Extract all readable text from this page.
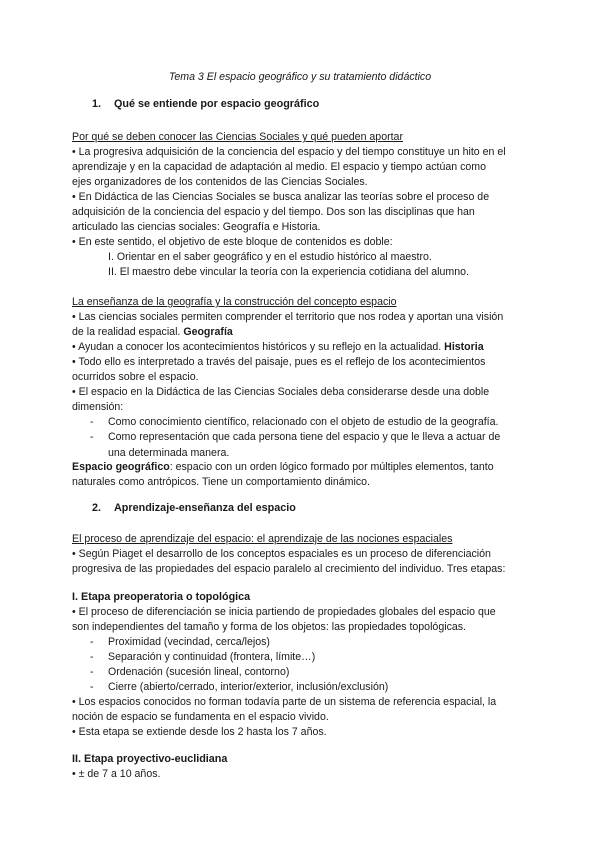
Tema 3 El espacio geográfico y su tratamiento didáctico
1. Qué se entiende por espacio geográfico
Por qué se deben conocer las Ciencias Sociales y qué pueden aportar
• La progresiva adquisición de la conciencia del espacio y del tiempo constituye un hito en el
aprendizaje y en la capacidad de adaptación al medio. El espacio y tiempo actúan como
ejes organizadores de los contenidos de las Ciencias Sociales.
• En Didáctica de las Ciencias Sociales se busca analizar las teorías sobre el proceso de
adquisición de la conciencia del espacio y del tiempo. Dos son las disciplinas que han
articulado las ciencias sociales: Geografía e Historia.
• En este sentido, el objetivo de este bloque de contenidos es doble:
I. Orientar en el saber geográfico y en el estudio histórico al maestro.
II. El maestro debe vincular la teoría con la experiencia cotidiana del alumno.
La enseñanza de la geografía y la construcción del concepto espacio
• Las ciencias sociales permiten comprender el territorio que nos rodea y aportan una visión
de la realidad espacial. Geografía
• Ayudan a conocer los acontecimientos históricos y su reflejo en la actualidad. Historia
• Todo ello es interpretado a través del paisaje, pues es el reflejo de los acontecimientos
ocurridos sobre el espacio.
• El espacio en la Didáctica de las Ciencias Sociales deba considerarse desde una doble
dimensión:
- Como conocimiento científico, relacionado con el objeto de estudio de la geografía.
- Como representación que cada persona tiene del espacio y que le lleva a actuar de
una determinada manera.
Espacio geográfico: espacio con un orden lógico formado por múltiples elementos, tanto
naturales como antrópicos. Tiene un comportamiento dinámico.
2. Aprendizaje-enseñanza del espacio
El proceso de aprendizaje del espacio: el aprendizaje de las nociones espaciales
• Según Piaget el desarrollo de los conceptos espaciales es un proceso de diferenciación
progresiva de las propiedades del espacio paralelo al crecimiento del individuo. Tres etapas:
I. Etapa preoperatoria o topológica
• El proceso de diferenciación se inicia partiendo de propiedades globales del espacio que
son independientes del tamaño y forma de los objetos: las propiedades topológicas.
- Proximidad (vecindad, cerca/lejos)
- Separación y continuidad (frontera, límite…)
- Ordenación (sucesión lineal, contorno)
- Cierre (abierto/cerrado, interior/exterior, inclusión/exclusión)
• Los espacios conocidos no forman todavía parte de un sistema de referencia espacial, la
noción de espacio se fundamenta en el espacio vivido.
• Esta etapa se extiende desde los 2 hasta los 7 años.
II. Etapa proyectivo-euclidiana
• ± de 7 a 10 años.
